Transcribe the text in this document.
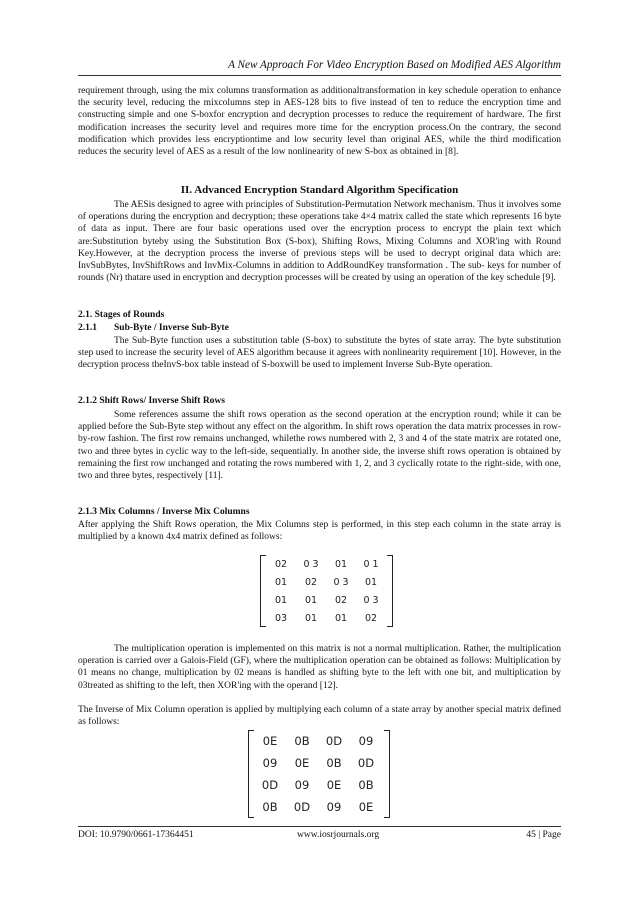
A New Approach For Video Encryption Based on Modified AES Algorithm

requirement through, using the mix columns transformation as additionaltransformation in key schedule operation to enhance the security level, reducing the mixcolumns step in AES-128 bits to five instead of ten to reduce the encryption time and constructing simple and one S-boxfor encryption and decryption processes to reduce the requirement of hardware. The first modification increases the security level and requires more time for the encryption process.On the contrary, the second modification which provides less encryptiontime and low security level than original AES, while the third modification reduces the security level of AES as a result of the low nonlinearity of new S-box as obtained in [8].

II. Advanced Encryption Standard Algorithm Specification

The AESis designed to agree with principles of Substitution-Permutation Network mechanism. Thus it involves some of operations during the encryption and decryption; these operations take 4×4 matrix called the state which represents 16 byte of data as input. There are four basic operations used over the encryption process to encrypt the plain text which are:Substitution byteby using the Substitution Box (S-box), Shifting Rows, Mixing Columns and XOR'ing with Round Key.However, at the decryption process the inverse of previous steps will be used to decrypt original data which are: InvSubBytes, InvShiftRows and InvMix-Columns in addition to AddRoundKey transformation . The sub- keys for number of rounds (Nr) thatare used in encryption and decryption processes will be created by using an operation of the key schedule [9].

2.1. Stages of Rounds

2.1.1 Sub-Byte / Inverse Sub-Byte

The Sub-Byte function uses a substitution table (S-box) to substitute the bytes of state array. The byte substitution step used to increase the security level of AES algorithm because it agrees with nonlinearity requirement [10]. However, in the decryption process theInvS-box table instead of S-boxwill be used to implement Inverse Sub-Byte operation.

2.1.2 Shift Rows/ Inverse Shift Rows

Some references assume the shift rows operation as the second operation at the encryption round; while it can be applied before the Sub-Byte step without any effect on the algorithm. In shift rows operation the data matrix processes in row-by-row fashion. The first row remains unchanged, whilethe rows numbered with 2, 3 and 4 of the state matrix are rotated one, two and three bytes in cyclic way to the left-side, sequentially. In another side, the inverse shift rows operation is obtained by remaining the first row unchanged and rotating the rows numbered with 1, 2, and 3 cyclically rotate to the right-side, with one, two and three bytes, respectively [11].

2.1.3 Mix Columns / Inverse Mix Columns

After applying the Shift Rows operation, the Mix Columns step is performed, in this step each column in the state array is multiplied by a known 4x4 matrix defined as follows:

02	0 3	01	0 1
01	02	0 3	01
01	01	02	0 3
03	01	01	02

The multiplication operation is implemented on this matrix is not a normal multiplication. Rather, the multiplication operation is carried over a Galois-Field (GF), where the multiplication operation can be obtained as follows: Multiplication by 01 means no change, multiplication by 02 means is handled as shifting byte to the left with one bit, and multiplication by 03treated as shifting to the left, then XOR'ing with the operand [12].

The Inverse of Mix Column operation is applied by multiplying each column of a state array by another special matrix defined as follows:

0E	0B	0D	09
09	0E	0B	0D
0D	09	0E	0B
0B	0D	09	0E
DOI: 10.9790/0661-17364451	www.iosrjournals.org	45 | Page
